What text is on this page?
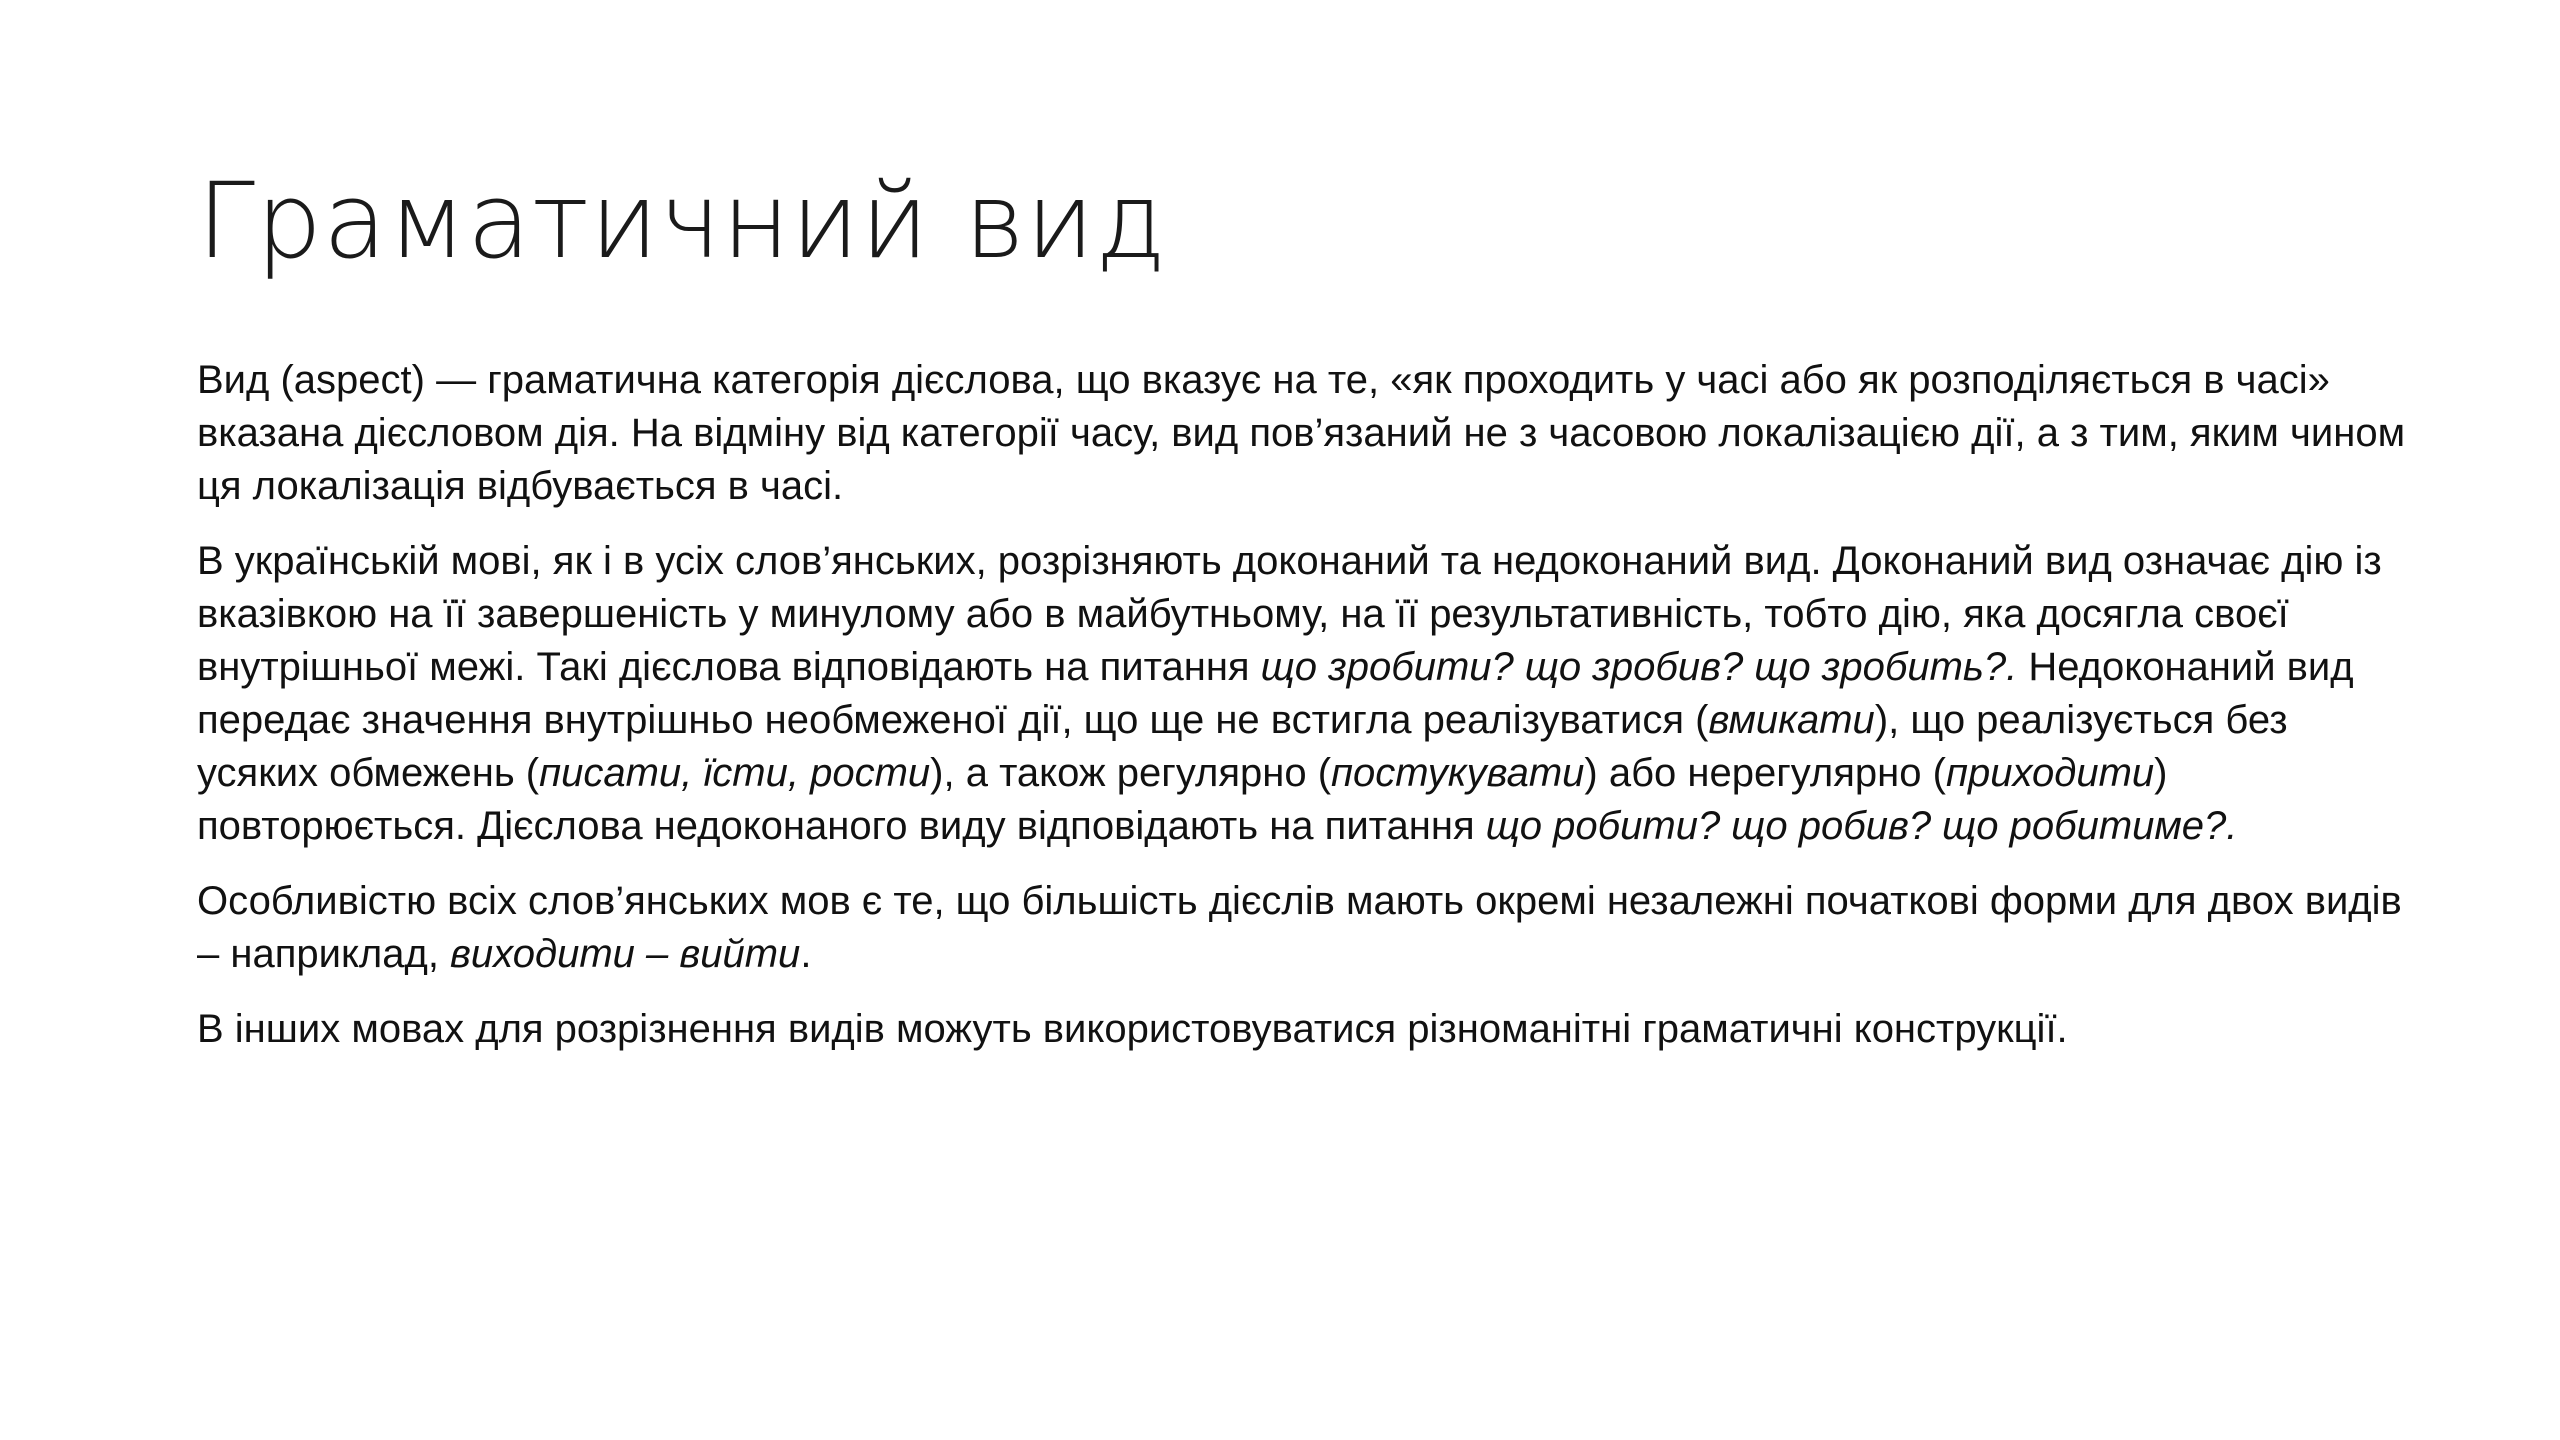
Граматичний вид

Вид (aspect) — граматична категорія дієслова, що вказує на те, «як проходить у часі або як розподіляється в часі» вказана дієсловом дія. На відміну від категорії часу, вид пов’язаний не з часовою локалізацією дії, а з тим, яким чином ця локалізація відбувається в часі.

В українській мові, як і в усіх слов’янських, розрізняють доконаний та недоконаний вид. Доконаний вид означає дію із вказівкою на її завершеність у минулому або в майбутньому, на її результативність, тобто дію, яка досягла своєї внутрішньої межі. Такі дієслова відповідають на питання що зробити? що зробив? що зробить?. Недоконаний вид передає значення внутрішньо необмеженої дії, що ще не встигла реалізуватися (вмикати), що реалізується без усяких обмежень (писати, їсти, рости), а також регулярно (постукувати) або нерегулярно (приходити) повторюється. Дієслова недоконаного виду відповідають на питання що робити? що робив? що робитиме?.

Особливістю всіх слов’янських мов є те, що більшість дієслів мають окремі незалежні початкові форми для двох видів – наприклад, виходити – вийти.

В інших мовах для розрізнення видів можуть використовуватися різноманітні граматичні конструкції.
